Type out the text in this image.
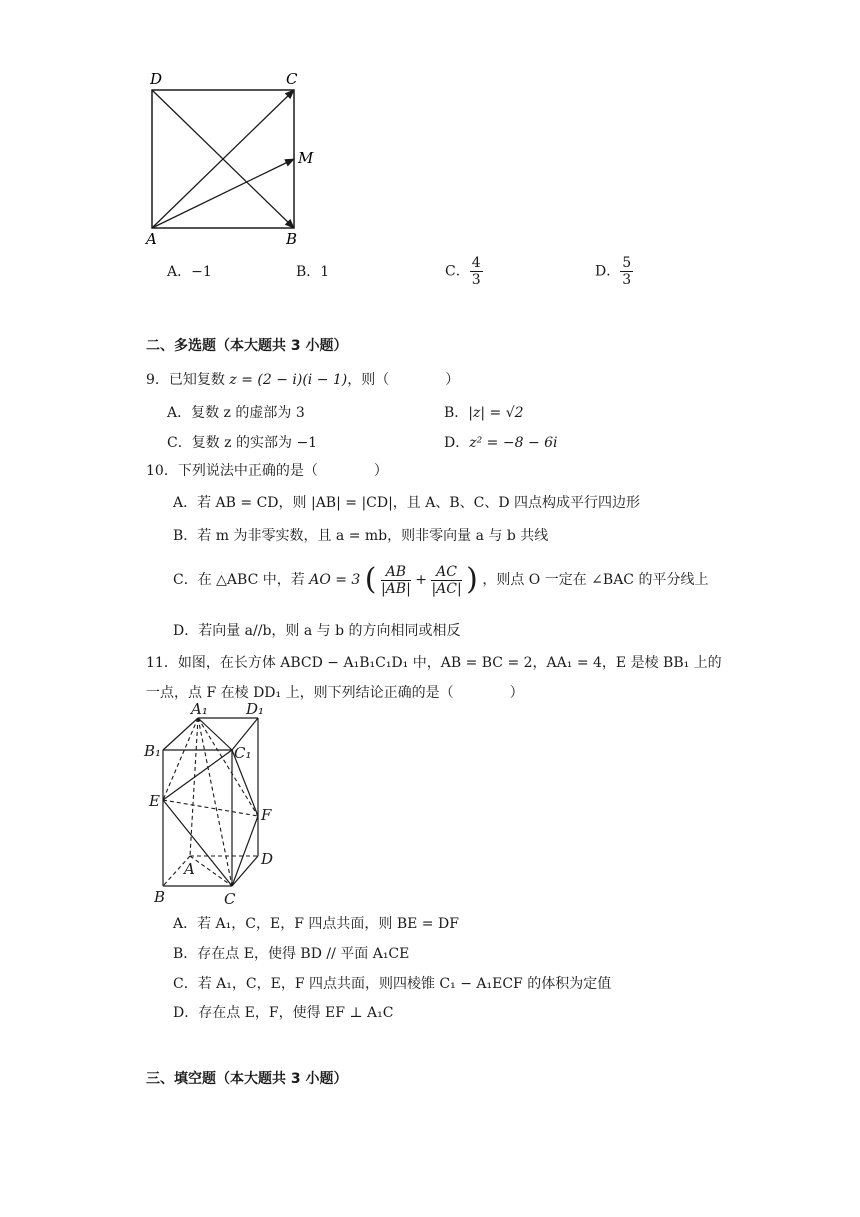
D	C
M
A	B
A．−1	B．1	C． $\frac{4}{3}$	D． $\frac{5}{3}$
二、多选题（本大题共 3 小题）
9．已知复数 z = (2 − i)(i − 1)，则（　　　　）
A．复数 z 的虚部为 3	B．|z| = √2
C．复数 z 的实部为 −1	D．z² = −8 − 6i
10．下列说法中正确的是（　　　　）
A．若 AB = CD，则 |AB| = |CD|，且 A、B、C、D 四点构成平行四边形
B．若 m 为非零实数，且 a = mb，则非零向量 a 与 b 共线
C．在 △ABC 中，若 AO = 3 ( $\frac{AB}{|AB|} + \frac{AC}{|AC|}$ ) ，则点 O 一定在 ∠BAC 的平分线上
D．若向量 a//b，则 a 与 b 的方向相同或相反
11．如图，在长方体 ABCD − A₁B₁C₁D₁ 中，AB = BC = 2，AA₁ = 4，E 是棱 BB₁ 上的
一点，点 F 在棱 DD₁ 上，则下列结论正确的是（　　　　）
A₁	D₁
B₁	C₁
E
F
A
D
B	C
A．若 A₁，C，E，F 四点共面，则 BE = DF
B．存在点 E，使得 BD // 平面 A₁CE
C．若 A₁，C，E，F 四点共面，则四棱锥 C₁ − A₁ECF 的体积为定值
D．存在点 E，F，使得 EF ⊥ A₁C
三、填空题（本大题共 3 小题）
